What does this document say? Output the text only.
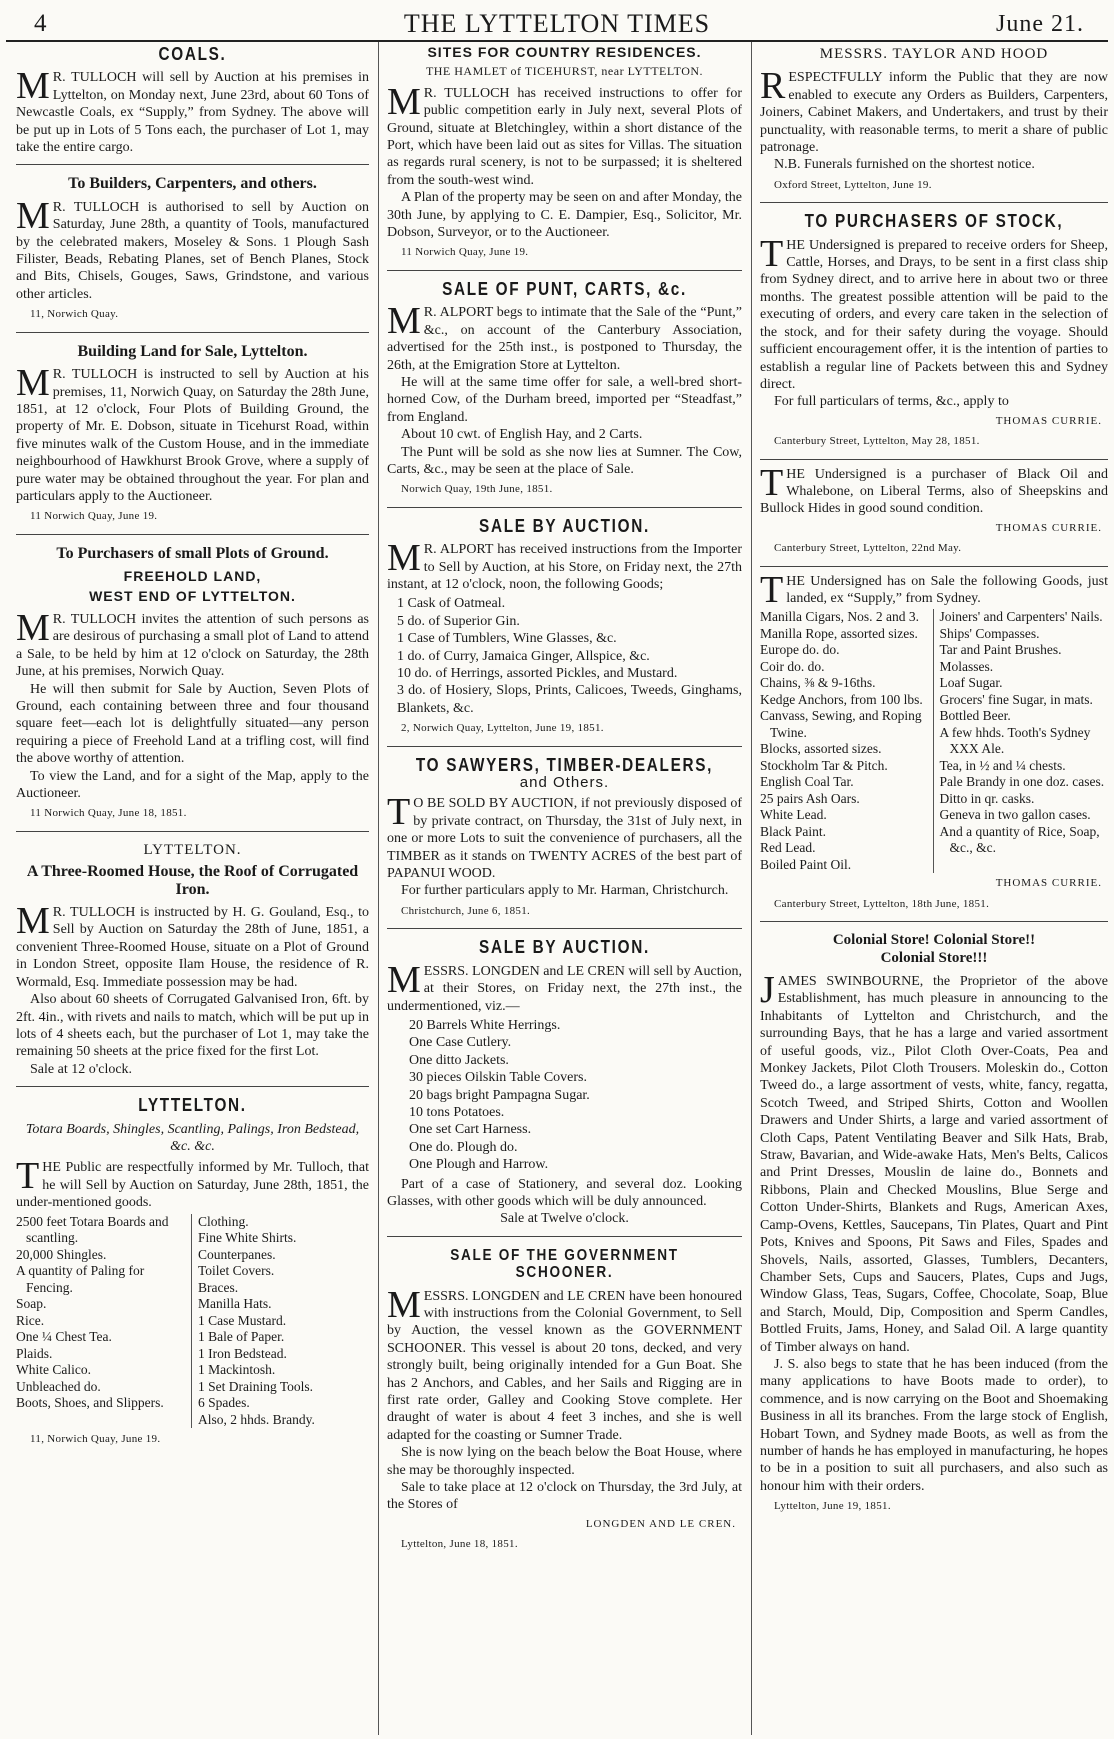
4	THE LYTTELTON TIMES	June 21.
COALS.

MR. TULLOCH will sell by Auction at his premises in Lyttelton, on Monday next, June 23rd, about 60 Tons of Newcastle Coals, ex “Supply,” from Sydney. The above will be put up in Lots of 5 Tons each, the purchaser of Lot 1, may take the entire cargo.

To Builders, Carpenters, and others.

MR. TULLOCH is authorised to sell by Auction on Saturday, June 28th, a quantity of Tools, manufactured by the celebrated makers, Moseley & Sons. 1 Plough Sash Filister, Beads, Rebating Planes, set of Bench Planes, Stock and Bits, Chisels, Gouges, Saws, Grindstone, and various other articles.

11, Norwich Quay.
Building Land for Sale, Lyttelton.

MR. TULLOCH is instructed to sell by Auction at his premises, 11, Norwich Quay, on Saturday the 28th June, 1851, at 12 o'clock, Four Plots of Building Ground, the property of Mr. E. Dobson, situate in Ticehurst Road, within five minutes walk of the Custom House, and in the immediate neighbourhood of Hawkhurst Brook Grove, where a supply of pure water may be obtained throughout the year. For plan and particulars apply to the Auctioneer.

11 Norwich Quay, June 19.
To Purchasers of small Plots of Ground.
FREEHOLD LAND,
WEST END OF LYTTELTON.

MR. TULLOCH invites the attention of such persons as are desirous of purchasing a small plot of Land to attend a Sale, to be held by him at 12 o'clock on Saturday, the 28th June, at his premises, Norwich Quay.

He will then submit for Sale by Auction, Seven Plots of Ground, each containing between three and four thousand square feet—each lot is delightfully situated—any person requiring a piece of Freehold Land at a trifling cost, will find the above worthy of attention.

To view the Land, and for a sight of the Map, apply to the Auctioneer.

11 Norwich Quay, June 18, 1851.
LYTTELTON.
A Three-Roomed House, the Roof of Corrugated Iron.

MR. TULLOCH is instructed by H. G. Gouland, Esq., to Sell by Auction on Saturday the 28th of June, 1851, a convenient Three-Roomed House, situate on a Plot of Ground in London Street, opposite Ilam House, the residence of R. Wormald, Esq. Immediate possession may be had.

Also about 60 sheets of Corrugated Galvanised Iron, 6ft. by 2ft. 4in., with rivets and nails to match, which will be put up in lots of 4 sheets each, but the purchaser of Lot 1, may take the remaining 50 sheets at the price fixed for the first Lot.

Sale at 12 o'clock.

LYTTELTON.
Totara Boards, Shingles, Scantling, Palings, Iron Bedstead, &c. &c.

THE Public are respectfully informed by Mr. Tulloch, that he will Sell by Auction on Saturday, June 28th, 1851, the under-mentioned goods.

2500 feet Totara Boards and scantling.
20,000 Shingles.
A quantity of Paling for Fencing.
Soap.
Rice.
One ¼ Chest Tea.
Plaids.
White Calico.
Unbleached do.
Boots, Shoes, and Slippers.
Clothing.
Fine White Shirts.
Counterpanes.
Toilet Covers.
Braces.
Manilla Hats.
1 Case Mustard.
1 Bale of Paper.
1 Iron Bedstead.
1 Mackintosh.
1 Set Draining Tools.
6 Spades.
Also, 2 hhds. Brandy.
11, Norwich Quay, June 19.
SITES FOR COUNTRY RESIDENCES.
THE HAMLET of TICEHURST, near LYTTELTON.

MR. TULLOCH has received instructions to offer for public competition early in July next, several Plots of Ground, situate at Bletchingley, within a short distance of the Port, which have been laid out as sites for Villas. The situation as regards rural scenery, is not to be surpassed; it is sheltered from the south-west wind.

A Plan of the property may be seen on and after Monday, the 30th June, by applying to C. E. Dampier, Esq., Solicitor, Mr. Dobson, Surveyor, or to the Auctioneer.

11 Norwich Quay, June 19.
SALE OF PUNT, CARTS, &c.

MR. ALPORT begs to intimate that the Sale of the “Punt,” &c., on account of the Canterbury Association, advertised for the 25th inst., is postponed to Thursday, the 26th, at the Emigration Store at Lyttelton.

He will at the same time offer for sale, a well-bred short-horned Cow, of the Durham breed, imported per “Steadfast,” from England.

About 10 cwt. of English Hay, and 2 Carts.

The Punt will be sold as she now lies at Sumner. The Cow, Carts, &c., may be seen at the place of Sale.

Norwich Quay, 19th June, 1851.
SALE BY AUCTION.

MR. ALPORT has received instructions from the Importer to Sell by Auction, at his Store, on Friday next, the 27th instant, at 12 o'clock, noon, the following Goods;

1 Cask of Oatmeal.
5 do. of Superior Gin.
1 Case of Tumblers, Wine Glasses, &c.
1 do. of Curry, Jamaica Ginger, Allspice, &c.
10 do. of Herrings, assorted Pickles, and Mustard.
3 do. of Hosiery, Slops, Prints, Calicoes, Tweeds, Ginghams, Blankets, &c.
2, Norwich Quay, Lyttelton, June 19, 1851.
TO SAWYERS, TIMBER-DEALERS,
and Others.

TO BE SOLD BY AUCTION, if not previously disposed of by private contract, on Thursday, the 31st of July next, in one or more Lots to suit the convenience of purchasers, all the TIMBER as it stands on TWENTY ACRES of the best part of PAPANUI WOOD.

For further particulars apply to Mr. Harman, Christchurch.

Christchurch, June 6, 1851.
SALE BY AUCTION.

MESSRS. LONGDEN and LE CREN will sell by Auction, at their Stores, on Friday next, the 27th inst., the undermentioned, viz.—

20 Barrels White Herrings.
One Case Cutlery.
One ditto Jackets.
30 pieces Oilskin Table Covers.
20 bags bright Pampagna Sugar.
10 tons Potatoes.
One set Cart Harness.
One do. Plough do.
One Plough and Harrow.

Part of a case of Stationery, and several doz. Looking Glasses, with other goods which will be duly announced.

Sale at Twelve o'clock.

SALE OF THE GOVERNMENT SCHOONER.

MESSRS. LONGDEN and LE CREN have been honoured with instructions from the Colonial Government, to Sell by Auction, the vessel known as the GOVERNMENT SCHOONER. This vessel is about 20 tons, decked, and very strongly built, being originally intended for a Gun Boat. She has 2 Anchors, and Cables, and her Sails and Rigging are in first rate order, Galley and Cooking Stove complete. Her draught of water is about 4 feet 3 inches, and she is well adapted for the coasting or Sumner Trade.

She is now lying on the beach below the Boat House, where she may be thoroughly inspected.

Sale to take place at 12 o'clock on Thursday, the 3rd July, at the Stores of

LONGDEN AND LE CREN.
Lyttelton, June 18, 1851.
MESSRS. TAYLOR AND HOOD

RESPECTFULLY inform the Public that they are now enabled to execute any Orders as Builders, Carpenters, Joiners, Cabinet Makers, and Undertakers, and trust by their punctuality, with reasonable terms, to merit a share of public patronage.

N.B. Funerals furnished on the shortest notice.

Oxford Street, Lyttelton, June 19.
TO PURCHASERS OF STOCK,

THE Undersigned is prepared to receive orders for Sheep, Cattle, Horses, and Drays, to be sent in a first class ship from Sydney direct, and to arrive here in about two or three months. The greatest possible attention will be paid to the executing of orders, and every care taken in the selection of the stock, and for their safety during the voyage. Should sufficient encouragement offer, it is the intention of parties to establish a regular line of Packets between this and Sydney direct.

For full particulars of terms, &c., apply to

THOMAS CURRIE.
Canterbury Street, Lyttelton, May 28, 1851.

THE Undersigned is a purchaser of Black Oil and Whalebone, on Liberal Terms, also of Sheepskins and Bullock Hides in good sound condition.

THOMAS CURRIE.
Canterbury Street, Lyttelton, 22nd May.

THE Undersigned has on Sale the following Goods, just landed, ex “Supply,” from Sydney.

Manilla Cigars, Nos. 2 and 3.
Manilla Rope, assorted sizes.
Europe do. do.
Coir do. do.
Chains, ⅜ & 9-16ths.
Kedge Anchors, from 100 lbs.
Canvass, Sewing, and Roping Twine.
Blocks, assorted sizes.
Stockholm Tar & Pitch.
English Coal Tar.
25 pairs Ash Oars.
White Lead.
Black Paint.
Red Lead.
Boiled Paint Oil.
Joiners' and Carpenters' Nails.
Ships' Compasses.
Tar and Paint Brushes.
Molasses.
Loaf Sugar.
Grocers' fine Sugar, in mats.
Bottled Beer.
A few hhds. Tooth's Sydney XXX Ale.
Tea, in ½ and ¼ chests.
Pale Brandy in one doz. cases.
Ditto in qr. casks.
Geneva in two gallon cases.
And a quantity of Rice, Soap, &c., &c.
THOMAS CURRIE.
Canterbury Street, Lyttelton, 18th June, 1851.
Colonial Store! Colonial Store!!
Colonial Store!!!

JAMES SWINBOURNE, the Proprietor of the above Establishment, has much pleasure in announcing to the Inhabitants of Lyttelton and Christchurch, and the surrounding Bays, that he has a large and varied assortment of useful goods, viz., Pilot Cloth Over-Coats, Pea and Monkey Jackets, Pilot Cloth Trousers. Moleskin do., Cotton Tweed do., a large assortment of vests, white, fancy, regatta, Scotch Tweed, and Striped Shirts, Cotton and Woollen Drawers and Under Shirts, a large and varied assortment of Cloth Caps, Patent Ventilating Beaver and Silk Hats, Brab, Straw, Bavarian, and Wide-awake Hats, Men's Belts, Calicos and Print Dresses, Mouslin de laine do., Bonnets and Ribbons, Plain and Checked Mouslins, Blue Serge and Cotton Under-Shirts, Blankets and Rugs, American Axes, Camp-Ovens, Kettles, Saucepans, Tin Plates, Quart and Pint Pots, Knives and Spoons, Pit Saws and Files, Spades and Shovels, Nails, assorted, Glasses, Tumblers, Decanters, Chamber Sets, Cups and Saucers, Plates, Cups and Jugs, Window Glass, Teas, Sugars, Coffee, Chocolate, Soap, Blue and Starch, Mould, Dip, Composition and Sperm Candles, Bottled Fruits, Jams, Honey, and Salad Oil. A large quantity of Timber always on hand.

J. S. also begs to state that he has been induced (from the many applications to have Boots made to order), to commence, and is now carrying on the Boot and Shoemaking Business in all its branches. From the large stock of English, Hobart Town, and Sydney made Boots, as well as from the number of hands he has employed in manufacturing, he hopes to be in a position to suit all purchasers, and also such as honour him with their orders.

Lyttelton, June 19, 1851.
